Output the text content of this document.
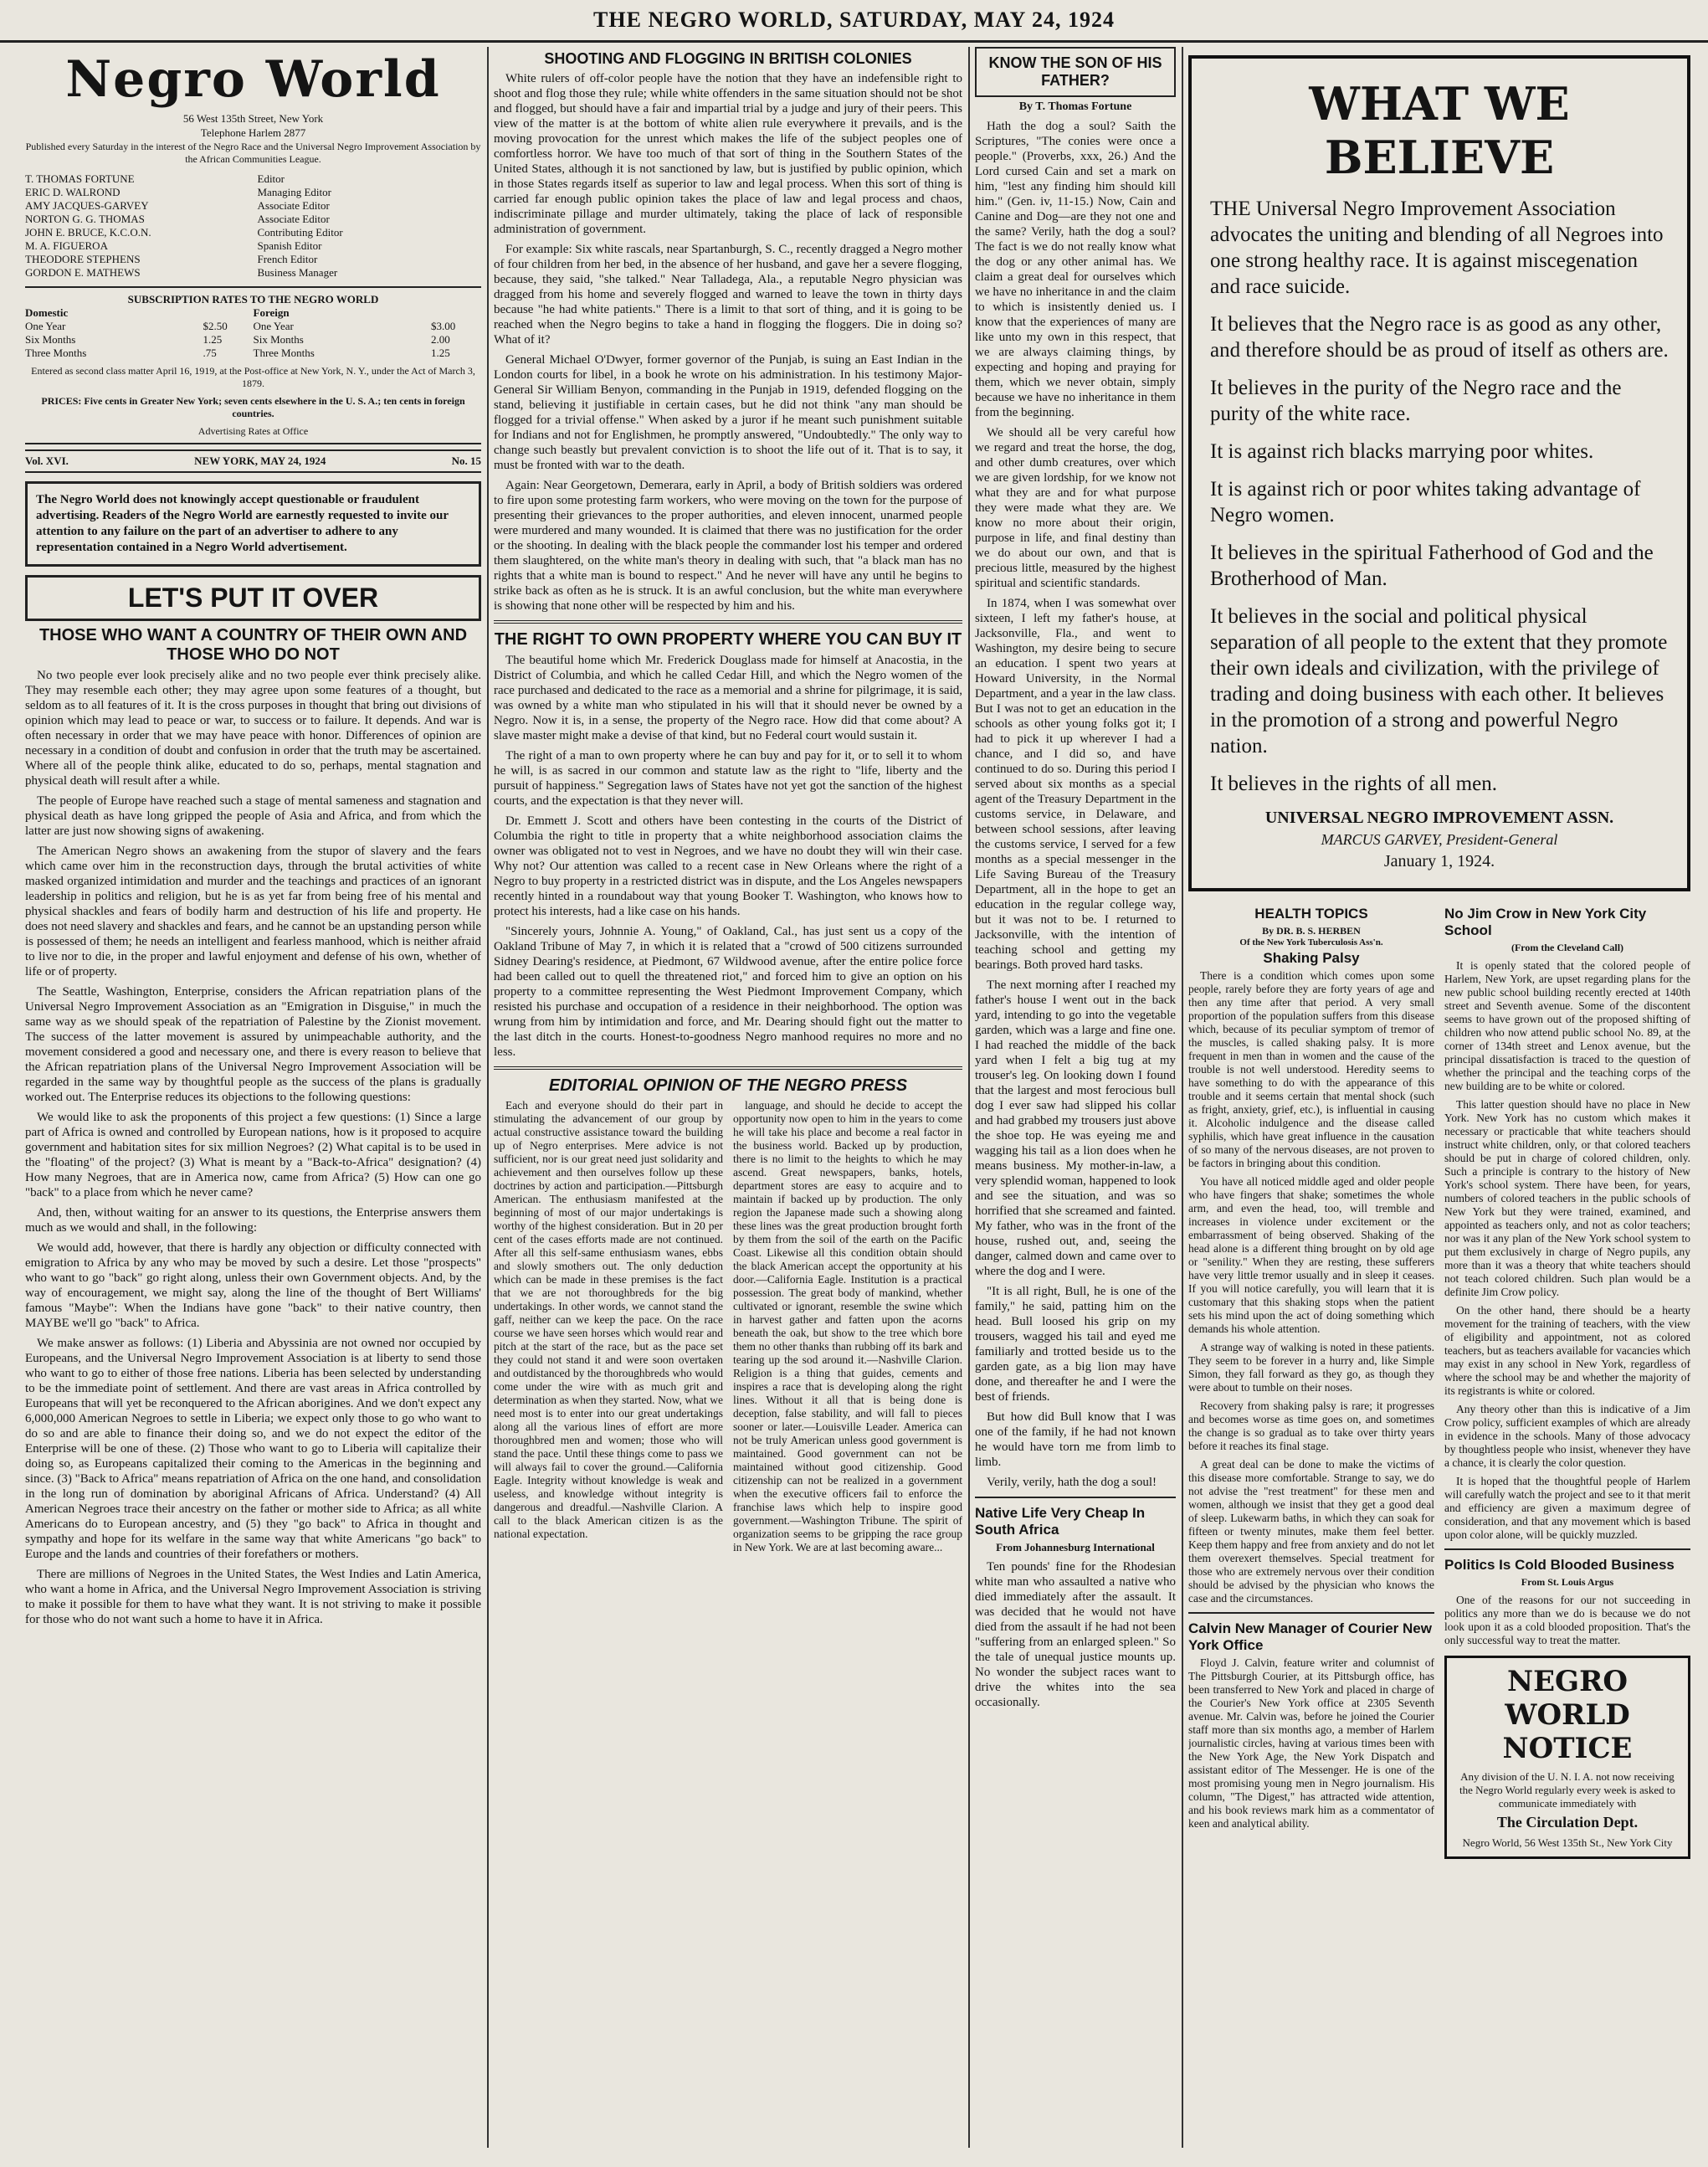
THE NEGRO WORLD, SATURDAY, MAY 24, 1924
Negro World
56 West 135th Street, New York
Telephone Harlem 2877
Published every Saturday in the interest of the Negro Race and the Universal Negro Improvement Association by the African Communities League.
T. THOMAS FORTUNE	Editor
ERIC D. WALROND	Managing Editor
AMY JACQUES-GARVEY	Associate Editor
NORTON G. G. THOMAS	Associate Editor
JOHN E. BRUCE, K.C.O.N.	Contributing Editor
M. A. FIGUEROA	Spanish Editor
THEODORE STEPHENS	French Editor
GORDON E. MATHEWS	Business Manager
SUBSCRIPTION RATES TO THE NEGRO WORLD
Domestic	Foreign
One Year	$2.50	One Year	$3.00
Six Months	1.25	Six Months	2.00
Three Months	.75	Three Months	1.25
Entered as second class matter April 16, 1919, at the Post-office at New York, N. Y., under the Act of March 3, 1879.
PRICES: Five cents in Greater New York; seven cents elsewhere in the U. S. A.; ten cents in foreign countries.
Advertising Rates at Office
Vol. XVI.	NEW YORK, MAY 24, 1924	No. 15
The Negro World does not knowingly accept questionable or fraudulent advertising. Readers of the Negro World are earnestly requested to invite our attention to any failure on the part of an advertiser to adhere to any representation contained in a Negro World advertisement.
LET'S PUT IT OVER
THOSE WHO WANT A COUNTRY OF THEIR OWN AND THOSE WHO DO NOT

No two people ever look precisely alike and no two people ever think precisely alike. They may resemble each other; they may agree upon some features of a thought, but seldom as to all features of it. It is the cross purposes in thought that bring out divisions of opinion which may lead to peace or war, to success or to failure. It depends. And war is often necessary in order that we may have peace with honor. Differences of opinion are necessary in a condition of doubt and confusion in order that the truth may be ascertained. Where all of the people think alike, educated to do so, perhaps, mental stagnation and physical death will result after a while.

The people of Europe have reached such a stage of mental sameness and stagnation and physical death as have long gripped the people of Asia and Africa, and from which the latter are just now showing signs of awakening.

The American Negro shows an awakening from the stupor of slavery and the fears which came over him in the reconstruction days, through the brutal activities of white masked organized intimidation and murder and the teachings and practices of an ignorant leadership in politics and religion, but he is as yet far from being free of his mental and physical shackles and fears of bodily harm and destruction of his life and property. He does not need slavery and shackles and fears, and he cannot be an upstanding person while is possessed of them; he needs an intelligent and fearless manhood, which is neither afraid to live nor to die, in the proper and lawful enjoyment and defense of his own, whether of life or of property.

The Seattle, Washington, Enterprise, considers the African repatriation plans of the Universal Negro Improvement Association as an "Emigration in Disguise," in much the same way as we should speak of the repatriation of Palestine by the Zionist movement. The success of the latter movement is assured by unimpeachable authority, and the movement considered a good and necessary one, and there is every reason to believe that the African repatriation plans of the Universal Negro Improvement Association will be regarded in the same way by thoughtful people as the success of the plans is gradually worked out. The Enterprise reduces its objections to the following questions:

We would like to ask the proponents of this project a few questions: (1) Since a large part of Africa is owned and controlled by European nations, how is it proposed to acquire government and habitation sites for six million Negroes? (2) What capital is to be used in the "floating" of the project? (3) What is meant by a "Back-to-Africa" designation? (4) How many Negroes, that are in America now, came from Africa? (5) How can one go "back" to a place from which he never came?

And, then, without waiting for an answer to its questions, the Enterprise answers them much as we would and shall, in the following:

We would add, however, that there is hardly any objection or difficulty connected with emigration to Africa by any who may be moved by such a desire. Let those "prospects" who want to go "back" go right along, unless their own Government objects. And, by the way of encouragement, we might say, along the line of the thought of Bert Williams' famous "Maybe": When the Indians have gone "back" to their native country, then MAYBE we'll go "back" to Africa.

We make answer as follows: (1) Liberia and Abyssinia are not owned nor occupied by Europeans, and the Universal Negro Improvement Association is at liberty to send those who want to go to either of those free nations. Liberia has been selected by understanding to be the immediate point of settlement. And there are vast areas in Africa controlled by Europeans that will yet be reconquered to the African aborigines. And we don't expect any 6,000,000 American Negroes to settle in Liberia; we expect only those to go who want to do so and are able to finance their doing so, and we do not expect the editor of the Enterprise will be one of these. (2) Those who want to go to Liberia will capitalize their doing so, as Europeans capitalized their coming to the Americas in the beginning and since. (3) "Back to Africa" means repatriation of Africa on the one hand, and consolidation in the long run of domination by aboriginal Africans of Africa. Understand? (4) All American Negroes trace their ancestry on the father or mother side to Africa; as all white Americans do to European ancestry, and (5) they "go back" to Africa in thought and sympathy and hope for its welfare in the same way that white Americans "go back" to Europe and the lands and countries of their forefathers or mothers.

There are millions of Negroes in the United States, the West Indies and Latin America, who want a home in Africa, and the Universal Negro Improvement Association is striving to make it possible for them to have what they want. It is not striving to make it possible for those who do not want such a home to have it in Africa.

SHOOTING AND FLOGGING IN BRITISH COLONIES

White rulers of off-color people have the notion that they have an indefensible right to shoot and flog those they rule; while white offenders in the same situation should not be shot and flogged, but should have a fair and impartial trial by a judge and jury of their peers. This view of the matter is at the bottom of white alien rule everywhere it prevails, and is the moving provocation for the unrest which makes the life of the subject peoples one of comfortless horror. We have too much of that sort of thing in the Southern States of the United States, although it is not sanctioned by law, but is justified by public opinion, which in those States regards itself as superior to law and legal process. When this sort of thing is carried far enough public opinion takes the place of law and legal process and chaos, indiscriminate pillage and murder ultimately, taking the place of lack of responsible administration of government.

For example: Six white rascals, near Spartanburgh, S. C., recently dragged a Negro mother of four children from her bed, in the absence of her husband, and gave her a severe flogging, because, they said, "she talked." Near Talladega, Ala., a reputable Negro physician was dragged from his home and severely flogged and warned to leave the town in thirty days because "he had white patients." There is a limit to that sort of thing, and it is going to be reached when the Negro begins to take a hand in flogging the floggers. Die in doing so? What of it?

General Michael O'Dwyer, former governor of the Punjab, is suing an East Indian in the London courts for libel, in a book he wrote on his administration. In his testimony Major-General Sir William Benyon, commanding in the Punjab in 1919, defended flogging on the stand, believing it justifiable in certain cases, but he did not think "any man should be flogged for a trivial offense." When asked by a juror if he meant such punishment suitable for Indians and not for Englishmen, he promptly answered, "Undoubtedly." The only way to change such beastly but prevalent conviction is to shoot the life out of it. That is to say, it must be fronted with war to the death.

Again: Near Georgetown, Demerara, early in April, a body of British soldiers was ordered to fire upon some protesting farm workers, who were moving on the town for the purpose of presenting their grievances to the proper authorities, and eleven innocent, unarmed people were murdered and many wounded. It is claimed that there was no justification for the order or the shooting. In dealing with the black people the commander lost his temper and ordered them slaughtered, on the white man's theory in dealing with such, that "a black man has no rights that a white man is bound to respect." And he never will have any until he begins to strike back as often as he is struck. It is an awful conclusion, but the white man everywhere is showing that none other will be respected by him and his.

THE RIGHT TO OWN PROPERTY WHERE YOU CAN BUY IT

The beautiful home which Mr. Frederick Douglass made for himself at Anacostia, in the District of Columbia, and which he called Cedar Hill, and which the Negro women of the race purchased and dedicated to the race as a memorial and a shrine for pilgrimage, it is said, was owned by a white man who stipulated in his will that it should never be owned by a Negro. Now it is, in a sense, the property of the Negro race. How did that come about? A slave master might make a devise of that kind, but no Federal court would sustain it.

The right of a man to own property where he can buy and pay for it, or to sell it to whom he will, is as sacred in our common and statute law as the right to "life, liberty and the pursuit of happiness." Segregation laws of States have not yet got the sanction of the highest courts, and the expectation is that they never will.

Dr. Emmett J. Scott and others have been contesting in the courts of the District of Columbia the right to title in property that a white neighborhood association claims the owner was obligated not to vest in Negroes, and we have no doubt they will win their case. Why not? Our attention was called to a recent case in New Orleans where the right of a Negro to buy property in a restricted district was in dispute, and the Los Angeles newspapers recently hinted in a roundabout way that young Booker T. Washington, who knows how to protect his interests, had a like case on his hands.

"Sincerely yours, Johnnie A. Young," of Oakland, Cal., has just sent us a copy of the Oakland Tribune of May 7, in which it is related that a "crowd of 500 citizens surrounded Sidney Dearing's residence, at Piedmont, 67 Wildwood avenue, after the entire police force had been called out to quell the threatened riot," and forced him to give an option on his property to a committee representing the West Piedmont Improvement Company, which resisted his purchase and occupation of a residence in their neighborhood. The option was wrung from him by intimidation and force, and Mr. Dearing should fight out the matter to the last ditch in the courts. Honest-to-goodness Negro manhood requires no more and no less.

EDITORIAL OPINION OF THE NEGRO PRESS

Each and everyone should do their part in stimulating the advancement of our group by actual constructive assistance toward the building up of Negro enterprises. Mere advice is not sufficient, nor is our great need just solidarity and achievement and then ourselves follow up these doctrines by action and participation.—Pittsburgh American. The enthusiasm manifested at the beginning of most of our major undertakings is worthy of the highest consideration. But in 20 per cent of the cases efforts made are not continued. After all this self-same enthusiasm wanes, ebbs and slowly smothers out. The only deduction which can be made in these premises is the fact that we are not thoroughbreds for the big undertakings. In other words, we cannot stand the gaff, neither can we keep the pace. On the race course we have seen horses which would rear and pitch at the start of the race, but as the pace set they could not stand it and were soon overtaken and outdistanced by the thoroughbreds who would come under the wire with as much grit and determination as when they started. Now, what we need most is to enter into our great undertakings along all the various lines of effort are more thoroughbred men and women; those who will stand the pace. Until these things come to pass we will always fail to cover the ground.—California Eagle. Integrity without knowledge is weak and useless, and knowledge without integrity is dangerous and dreadful.—Nashville Clarion. A call to the black American citizen is as the national expectation.

language, and should he decide to accept the opportunity now open to him in the years to come he will take his place and become a real factor in the business world. Backed up by production, there is no limit to the heights to which he may ascend. Great newspapers, banks, hotels, department stores are easy to acquire and to maintain if backed up by production. The only region the Japanese made such a showing along these lines was the great production brought forth by them from the soil of the earth on the Pacific Coast. Likewise all this condition obtain should the black American accept the opportunity at his door.—California Eagle. Institution is a practical possession. The great body of mankind, whether cultivated or ignorant, resemble the swine which in harvest gather and fatten upon the acorns beneath the oak, but show to the tree which bore them no other thanks than rubbing off its bark and tearing up the sod around it.—Nashville Clarion. Religion is a thing that guides, cements and inspires a race that is developing along the right lines. Without it all that is being done is deception, false stability, and will fall to pieces sooner or later.—Louisville Leader. America can not be truly American unless good government is maintained. Good government can not be maintained without good citizenship. Good citizenship can not be realized in a government when the executive officers fail to enforce the franchise laws which help to inspire good government.—Washington Tribune. The spirit of organization seems to be gripping the race group in New York. We are at last becoming aware...

KNOW THE SON OF HIS FATHER?
By T. Thomas Fortune

Hath the dog a soul? Saith the Scriptures, "The conies were once a people." (Proverbs, xxx, 26.) And the Lord cursed Cain and set a mark on him, "lest any finding him should kill him." (Gen. iv, 11-15.) Now, Cain and Canine and Dog—are they not one and the same? Verily, hath the dog a soul? The fact is we do not really know what the dog or any other animal has. We claim a great deal for ourselves which we have no inheritance in and the claim to which is insistently denied us. I know that the experiences of many are like unto my own in this respect, that we are always claiming things, by expecting and hoping and praying for them, which we never obtain, simply because we have no inheritance in them from the beginning.

We should all be very careful how we regard and treat the horse, the dog, and other dumb creatures, over which we are given lordship, for we know not what they are and for what purpose they were made what they are. We know no more about their origin, purpose in life, and final destiny than we do about our own, and that is precious little, measured by the highest spiritual and scientific standards.

In 1874, when I was somewhat over sixteen, I left my father's house, at Jacksonville, Fla., and went to Washington, my desire being to secure an education. I spent two years at Howard University, in the Normal Department, and a year in the law class. But I was not to get an education in the schools as other young folks got it; I had to pick it up wherever I had a chance, and I did so, and have continued to do so. During this period I served about six months as a special agent of the Treasury Department in the customs service, in Delaware, and between school sessions, after leaving the customs service, I served for a few months as a special messenger in the Life Saving Bureau of the Treasury Department, all in the hope to get an education in the regular college way, but it was not to be. I returned to Jacksonville, with the intention of teaching school and getting my bearings. Both proved hard tasks.

The next morning after I reached my father's house I went out in the back yard, intending to go into the vegetable garden, which was a large and fine one. I had reached the middle of the back yard when I felt a big tug at my trouser's leg. On looking down I found that the largest and most ferocious bull dog I ever saw had slipped his collar and had grabbed my trousers just above the shoe top. He was eyeing me and wagging his tail as a lion does when he means business. My mother-in-law, a very splendid woman, happened to look and see the situation, and was so horrified that she screamed and fainted. My father, who was in the front of the house, rushed out, and, seeing the danger, calmed down and came over to where the dog and I were.

"It is all right, Bull, he is one of the family," he said, patting him on the head. Bull loosed his grip on my trousers, wagged his tail and eyed me familiarly and trotted beside us to the garden gate, as a big lion may have done, and thereafter he and I were the best of friends.

But how did Bull know that I was one of the family, if he had not known he would have torn me from limb to limb.

Verily, verily, hath the dog a soul!

Native Life Very Cheap In South Africa
From Johannesburg International

Ten pounds' fine for the Rhodesian white man who assaulted a native who died immediately after the assault. It was decided that he would not have died from the assault if he had not been "suffering from an enlarged spleen." So the tale of unequal justice mounts up. No wonder the subject races want to drive the whites into the sea occasionally.

WHAT WE BELIEVE

THE Universal Negro Improvement Association advocates the uniting and blending of all Negroes into one strong healthy race. It is against miscegenation and race suicide.

It believes that the Negro race is as good as any other, and therefore should be as proud of itself as others are.

It believes in the purity of the Negro race and the purity of the white race.

It is against rich blacks marrying poor whites.

It is against rich or poor whites taking advantage of Negro women.

It believes in the spiritual Fatherhood of God and the Brotherhood of Man.

It believes in the social and political physical separation of all people to the extent that they promote their own ideals and civilization, with the privilege of trading and doing business with each other. It believes in the promotion of a strong and powerful Negro nation.

It believes in the rights of all men.

UNIVERSAL NEGRO IMPROVEMENT ASSN.
MARCUS GARVEY, President-General
January 1, 1924.
HEALTH TOPICS
By DR. B. S. HERBEN
Of the New York Tuberculosis Ass'n.
Shaking Palsy

There is a condition which comes upon some people, rarely before they are forty years of age and then any time after that period. A very small proportion of the population suffers from this disease which, because of its peculiar symptom of tremor of the muscles, is called shaking palsy. It is more frequent in men than in women and the cause of the trouble is not well understood. Heredity seems to have something to do with the appearance of this trouble and it seems certain that mental shock (such as fright, anxiety, grief, etc.), is influential in causing it. Alcoholic indulgence and the disease called syphilis, which have great influence in the causation of so many of the nervous diseases, are not proven to be factors in bringing about this condition.

You have all noticed middle aged and older people who have fingers that shake; sometimes the whole arm, and even the head, too, will tremble and increases in violence under excitement or the embarrassment of being observed. Shaking of the head alone is a different thing brought on by old age or "senility." When they are resting, these sufferers have very little tremor usually and in sleep it ceases. If you will notice carefully, you will learn that it is customary that this shaking stops when the patient sets his mind upon the act of doing something which demands his whole attention.

A strange way of walking is noted in these patients. They seem to be forever in a hurry and, like Simple Simon, they fall forward as they go, as though they were about to tumble on their noses.

Recovery from shaking palsy is rare; it progresses and becomes worse as time goes on, and sometimes the change is so gradual as to take over thirty years before it reaches its final stage.

A great deal can be done to make the victims of this disease more comfortable. Strange to say, we do not advise the "rest treatment" for these men and women, although we insist that they get a good deal of sleep. Lukewarm baths, in which they can soak for fifteen or twenty minutes, make them feel better. Keep them happy and free from anxiety and do not let them overexert themselves. Special treatment for those who are extremely nervous over their condition should be advised by the physician who knows the case and the circumstances.

Calvin New Manager of Courier New York Office

Floyd J. Calvin, feature writer and columnist of The Pittsburgh Courier, at its Pittsburgh office, has been transferred to New York and placed in charge of the Courier's New York office at 2305 Seventh avenue. Mr. Calvin was, before he joined the Courier staff more than six months ago, a member of Harlem journalistic circles, having at various times been with the New York Age, the New York Dispatch and assistant editor of The Messenger. He is one of the most promising young men in Negro journalism. His column, "The Digest," has attracted wide attention, and his book reviews mark him as a commentator of keen and analytical ability.

No Jim Crow in New York City School
(From the Cleveland Call)

It is openly stated that the colored people of Harlem, New York, are upset regarding plans for the new public school building recently erected at 140th street and Seventh avenue. Some of the discontent seems to have grown out of the proposed shifting of children who now attend public school No. 89, at the corner of 134th street and Lenox avenue, but the principal dissatisfaction is traced to the question of whether the principal and the teaching corps of the new building are to be white or colored.

This latter question should have no place in New York. New York has no custom which makes it necessary or practicable that white teachers should instruct white children, only, or that colored teachers should be put in charge of colored children, only. Such a principle is contrary to the history of New York's school system. There have been, for years, numbers of colored teachers in the public schools of New York but they were trained, examined, and appointed as teachers only, and not as color teachers; nor was it any plan of the New York school system to put them exclusively in charge of Negro pupils, any more than it was a theory that white teachers should not teach colored children. Such plan would be a definite Jim Crow policy.

On the other hand, there should be a hearty movement for the training of teachers, with the view of eligibility and appointment, not as colored teachers, but as teachers available for vacancies which may exist in any school in New York, regardless of where the school may be and whether the majority of its registrants is white or colored.

Any theory other than this is indicative of a Jim Crow policy, sufficient examples of which are already in evidence in the schools. Many of those advocacy by thoughtless people who insist, whenever they have a chance, it is clearly the color question.

It is hoped that the thoughtful people of Harlem will carefully watch the project and see to it that merit and efficiency are given a maximum degree of consideration, and that any movement which is based upon color alone, will be quickly muzzled.

Politics Is Cold Blooded Business
From St. Louis Argus

One of the reasons for our not succeeding in politics any more than we do is because we do not look upon it as a cold blooded proposition. That's the only successful way to treat the matter.

NEGRO WORLD
NOTICE
Any division of the U. N. I. A. not now receiving the Negro World regularly every week is asked to communicate immediately with
The Circulation Dept.
Negro World, 56 West 135th St., New York City
